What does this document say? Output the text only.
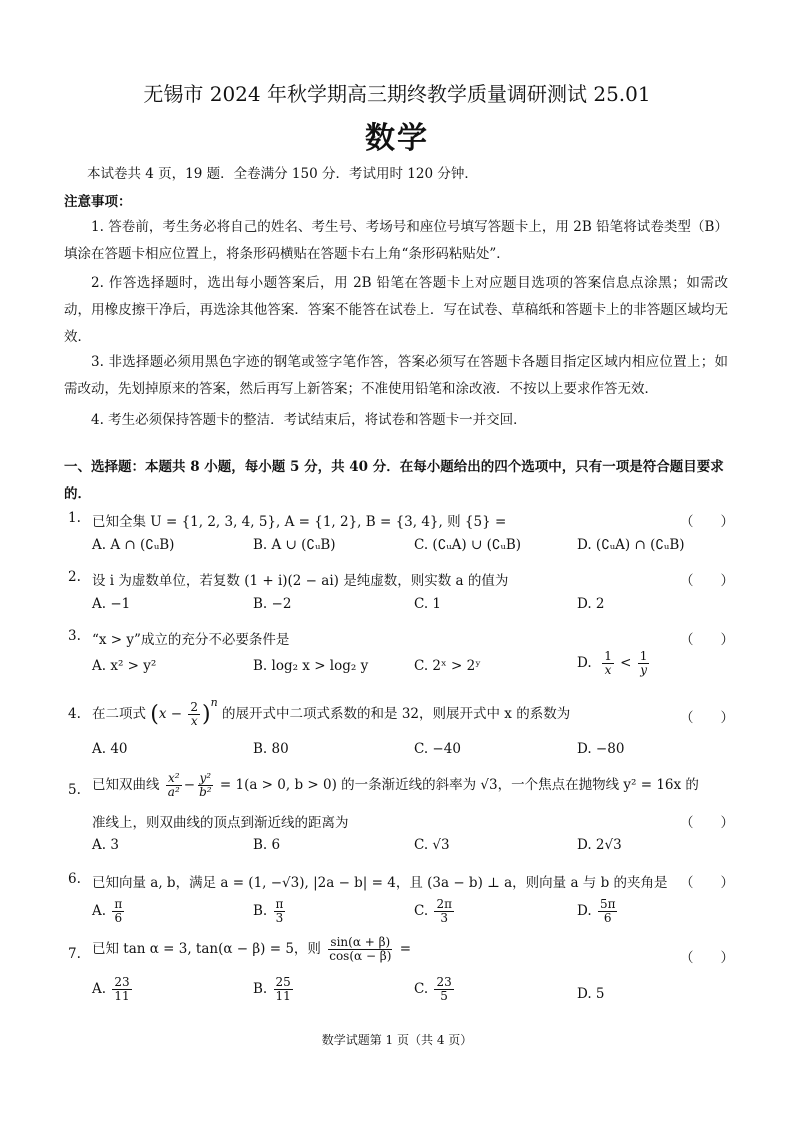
无锡市 2024 年秋学期高三期终教学质量调研测试 25.01
数学
本试卷共 4 页，19 题．全卷满分 150 分．考试用时 120 分钟．
注意事项：
1. 答卷前，考生务必将自己的姓名、考生号、考场号和座位号填写答题卡上，用 2B 铅笔将试卷类型（B）填涂在答题卡相应位置上，将条形码横贴在答题卡右上角“条形码粘贴处”．
2. 作答选择题时，选出每小题答案后，用 2B 铅笔在答题卡上对应题目选项的答案信息点涂黑；如需改动，用橡皮擦干净后，再选涂其他答案．答案不能答在试卷上．写在试卷、草稿纸和答题卡上的非答题区域均无效．
3. 非选择题必须用黑色字迹的钢笔或签字笔作答，答案必须写在答题卡各题目指定区域内相应位置上；如需改动，先划掉原来的答案，然后再写上新答案；不准使用铅笔和涂改液．不按以上要求作答无效．
4. 考生必须保持答题卡的整洁．考试结束后，将试卷和答题卡一并交回．
一、选择题：本题共 8 小题，每小题 5 分，共 40 分．在每小题给出的四个选项中，只有一项是符合题目要求的．
1. 已知全集 U = {1, 2, 3, 4, 5}, A = {1, 2}, B = {3, 4}, 则 {5} =	（　　）
A. A ∩ (∁ᵤB)	B. A ∪ (∁ᵤB)	C. (∁ᵤA) ∪ (∁ᵤB)	D. (∁ᵤA) ∩ (∁ᵤB)
2. 设 i 为虚数单位，若复数 (1 + i)(2 − ai) 是纯虚数，则实数 a 的值为	（　　）
A. −1	B. −2	C. 1	D. 2
3. “x > y”成立的充分不必要条件是	（　　）
A. x² > y²	B. log₂ x > log₂ y	C. 2ˣ > 2ʸ	D. $\frac{1}{x} < \frac{1}{y}$
4. 在二项式 $(x - \frac{2}{x} )^n$ 的展开式中二项式系数的和是 32，则展开式中 x 的系数为	（　　）
A. 40	B. 80	C. −40	D. −80
5. 已知双曲线 $\frac{\text{x²}}{\text{a²}} - \frac{\text{y²}}{\text{b²}} = 1(a > 0$, b > 0) 的一条渐近线的斜率为 √3，一个焦点在抛物线 y² = 16x 的
准线上，则双曲线的顶点到渐近线的距离为	（　　）
A. 3	B. 6	C. √3	D. 2√3
6. 已知向量 a, b，满足 a = (1, −√3), |2a − b| = 4，且 (3a − b) ⊥ a，则向量 a 与 b 的夹角是 （　　）
A. $\frac{\pi}{6}$	B. $\frac{\pi}{3}$	C. $\frac{2\pi}{3}$	D. $\frac{5\pi}{6}$
7. 已知 tan α = 3, tan(α − β) = 5，则 $\frac{\sin(\alpha + \beta)}{\cos(\alpha - \beta)}$ =
（　　）
A. $\frac{23}{11}$	B. $\frac{25}{11}$	C. $\frac{23}{5}$	D. 5
数学试题第 1 页（共 4 页）
